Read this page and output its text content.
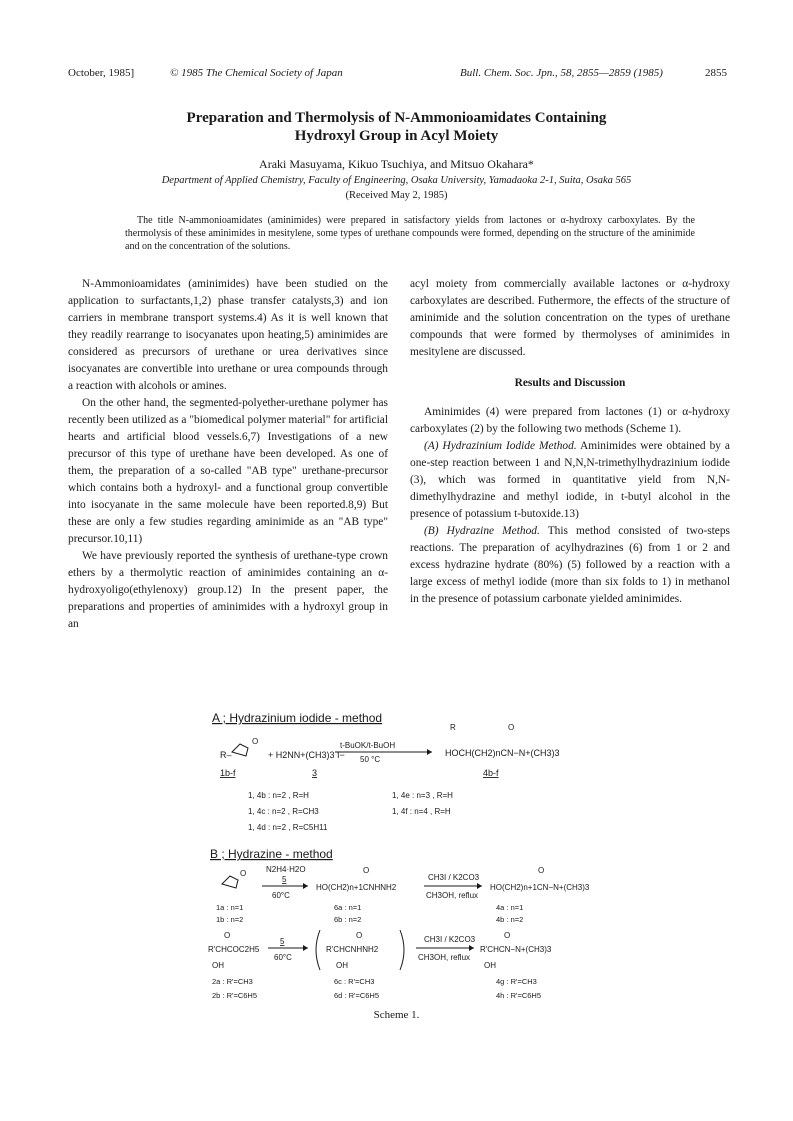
October, 1985]	© 1985 The Chemical Society of Japan	Bull. Chem. Soc. Jpn., 58, 2855—2859 (1985)	2855
Preparation and Thermolysis of N-Ammonioamidates Containing
Hydroxyl Group in Acyl Moiety
Araki Masuyama, Kikuo Tsuchiya, and Mitsuo Okahara*
Department of Applied Chemistry, Faculty of Engineering, Osaka University, Yamadaoka 2-1, Suita, Osaka 565
(Received May 2, 1985)
The title N-ammonioamidates (aminimides) were prepared in satisfactory yields from lactones or α-hydroxy carboxylates. By the thermolysis of these aminimides in mesitylene, some types of urethane compounds were formed, depending on the structure of the aminimide and on the concentration of the solutions.

N-Ammonioamidates (aminimides) have been studied on the application to surfactants,1,2) phase transfer catalysts,3) and ion carriers in membrane transport systems.4) As it is well known that they readily rearrange to isocyanates upon heating,5) aminimides are considered as precursors of urethane or urea derivatives since isocyanates are convertible into urethane or urea compounds through a reaction with alcohols or amines.

On the other hand, the segmented-polyether-urethane polymer has recently been utilized as a "biomedical polymer material" for artificial hearts and artificial blood vessels.6,7) Investigations of a new precursor of this type of urethane have been developed. As one of them, the preparation of a so-called "AB type" urethane-precursor which contains both a hydroxyl- and a functional group convertible into isocyanate in the same molecule have been reported.8,9) But these are only a few studies regarding aminimide as an "AB type" precursor.10,11)

We have previously reported the synthesis of urethane-type crown ethers by a thermolytic reaction of aminimides containing an α-hydroxyoligo(ethylenoxy) group.12) In the present paper, the preparations and properties of aminimides with a hydroxyl group in an

acyl moiety from commercially available lactones or α-hydroxy carboxylates are described. Futhermore, the effects of the structure of aminimide and the solution concentration on the types of urethane compounds that were formed by thermolyses of aminimides in mesitylene are discussed.

Results and Discussion

Aminimides (4) were prepared from lactones (1) or α-hydroxy carboxylates (2) by the following two methods (Scheme 1).

(A) Hydrazinium Iodide Method. Aminimides were obtained by a one-step reaction between 1 and N,N,N-trimethylhydrazinium iodide (3), which was formed in quantitative yield from N,N-dimethylhydrazine and methyl iodide, in t-butyl alcohol in the presence of potassium t-butoxide.13)

(B) Hydrazine Method. This method consisted of two-steps reactions. The preparation of acylhydrazines (6) from 1 or 2 and excess hydrazine hydrate (80%) (5) followed by a reaction with a large excess of methyl iodide (more than six folds to 1) in methanol in the presence of potassium carbonate yielded aminimides.

A ; Hydrazinium iodide - method
R–
O
+ H2NN+(CH3)3 I−
t-BuOK/t-BuOH
50 °C
R	O
HOCH(CH2)nCN−N+(CH3)3
1b-f	3	4b-f
1, 4b : n=2 , R=H
1, 4c : n=2 , R=CH3
1, 4d : n=2 , R=C5H11
1, 4e : n=3 , R=H
1, 4f : n=4 , R=H
B ; Hydrazine - method
O N2H4·H2O
5
60°C
O
HO(CH2)n+1CNHNH2
CH3I / K2CO3
CH3OH, reflux
O
HO(CH2)n+1CN−N+(CH3)3
1a : n=1
1b : n=2
6a : n=1
6b : n=2
4a : n=1
4b : n=2
O
R'CHCOC2H5
OH
5
60°C
O
R'CHCNHNH2
OH
CH3I / K2CO3
CH3OH, reflux
O
R'CHCN−N+(CH3)3
OH
2a : R'=CH3
2b : R'=C6H5
6c : R'=CH3
6d : R'=C6H5
4g : R'=CH3
4h : R'=C6H5
Scheme 1.
